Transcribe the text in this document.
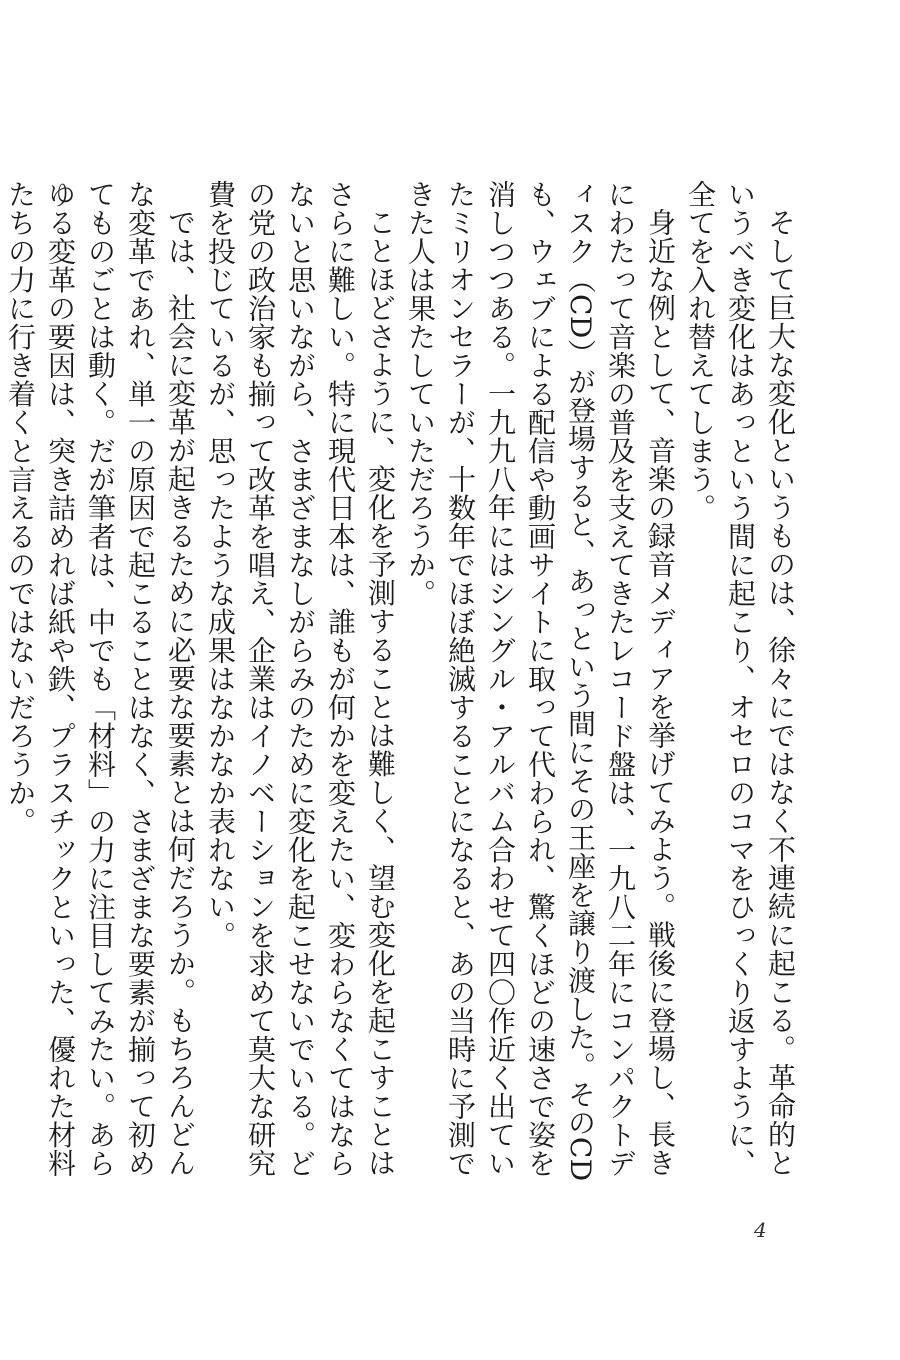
そして巨大な変化というものは、徐々にではなく不連続に起こる。革命的というべき変化はあっという間に起こり、オセロのコマをひっくり返すように、全てを入れ替えてしまう。

身近な例として、音楽の録音メディアを挙げてみよう。戦後に登場し、長きにわたって音楽の普及を支えてきたレコード盤は、一九八二年にコンパクトディスク（CD）が登場すると、あっという間にその王座を譲り渡した。そのCDも、ウェブによる配信や動画サイトに取って代わられ、驚くほどの速さで姿を消しつつある。一九九八年にはシングル・アルバム合わせて四〇作近く出ていたミリオンセラーが、十数年でほぼ絶滅することになると、あの当時に予測できた人は果たしていただろうか。

ことほどさように、変化を予測することは難しく、望む変化を起こすことはさらに難しい。特に現代日本は、誰もが何かを変えたい、変わらなくてはならないと思いながら、さまざまなしがらみのために変化を起こせないでいる。どの党の政治家も揃って改革を唱え、企業はイノベーションを求めて莫大な研究費を投じているが、思ったような成果はなかなか表れない。

では、社会に変革が起きるために必要な要素とは何だろうか。もちろんどんな変革であれ、単一の原因で起こることはなく、さまざまな要素が揃って初めてものごとは動く。だが筆者は、中でも「材料」の力に注目してみたい。あらゆる変革の要因は、突き詰めれば紙や鉄、プラスチックといった、優れた材料たちの力に行き着くと言えるのではないだろうか。

4
